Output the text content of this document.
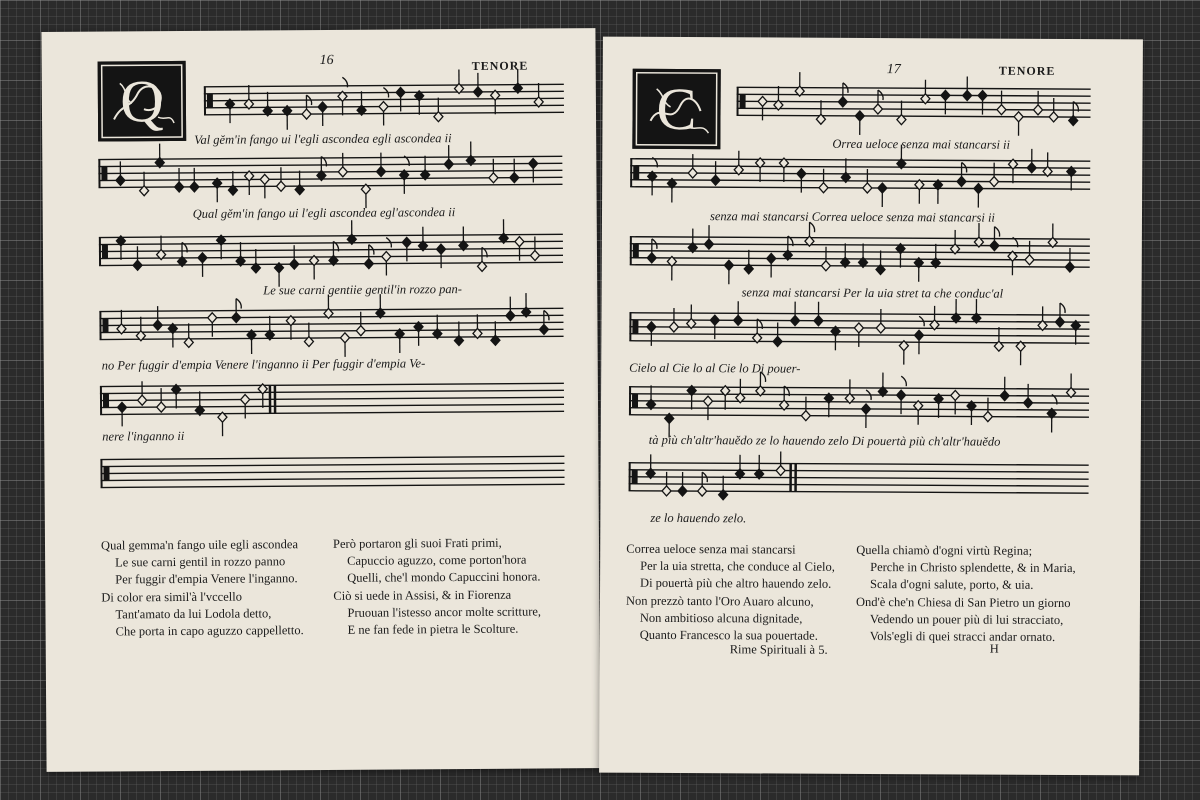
16	TENORE
Q
Val gĕm'in fango ui l'egli ascondea egli ascondea ii
Qual gĕm'in fango ui l'egli ascondea egl'ascondea ii
Le sue carni gentiie gentil'in rozzo pan-
no Per fuggir d'empia Venere l'inganno ii Per fuggir d'empia Ve-
nere l'inganno ii
Qual gemma'n fango uile egli ascondea
Le sue carni gentil in rozzo panno
Per fuggir d'empia Venere l'inganno.
Però portaron gli suoi Frati primi,
Capuccio aguzzo, come porton'hora
Quelli, che'l mondo Capuccini honora.
Di color era simil'à l'vccello
Tant'amato da lui Lodola detto,
Che porta in capo aguzzo cappelletto.
Ciò si uede in Assisi, & in Fiorenza
Pruouan l'istesso ancor molte scritture,
E ne fan fede in pietra le Scolture.
17	TENORE
C
Orrea ueloce senza mai stancarsi ii
senza mai stancarsi Correa ueloce senza mai stancarsi ii
senza mai stancarsi Per la uia stret ta che conduc'al
Cielo al Cie lo al Cie lo Di pouer-
tà più ch'altr'hauĕdo ze lo hauendo zelo Di pouertà più ch'altr'hauĕdo
ze lo hauendo zelo.
Correa ueloce senza mai stancarsi
Per la uia stretta, che conduce al Cielo,
Di pouertà più che altro hauendo zelo.
Quella chiamò d'ogni virtù Regina;
Perche in Christo splendette, & in Maria,
Scala d'ogni salute, porto, & uia.
Non prezzò tanto l'Oro Auaro alcuno,
Non ambitioso alcuna dignitade,
Quanto Francesco la sua pouertade.
Ond'è che'n Chiesa di San Pietro un giorno
Vedendo un pouer più di lui stracciato,
Vols'egli di quei stracci andar ornato.
Rime Spirituali à 5.	H
